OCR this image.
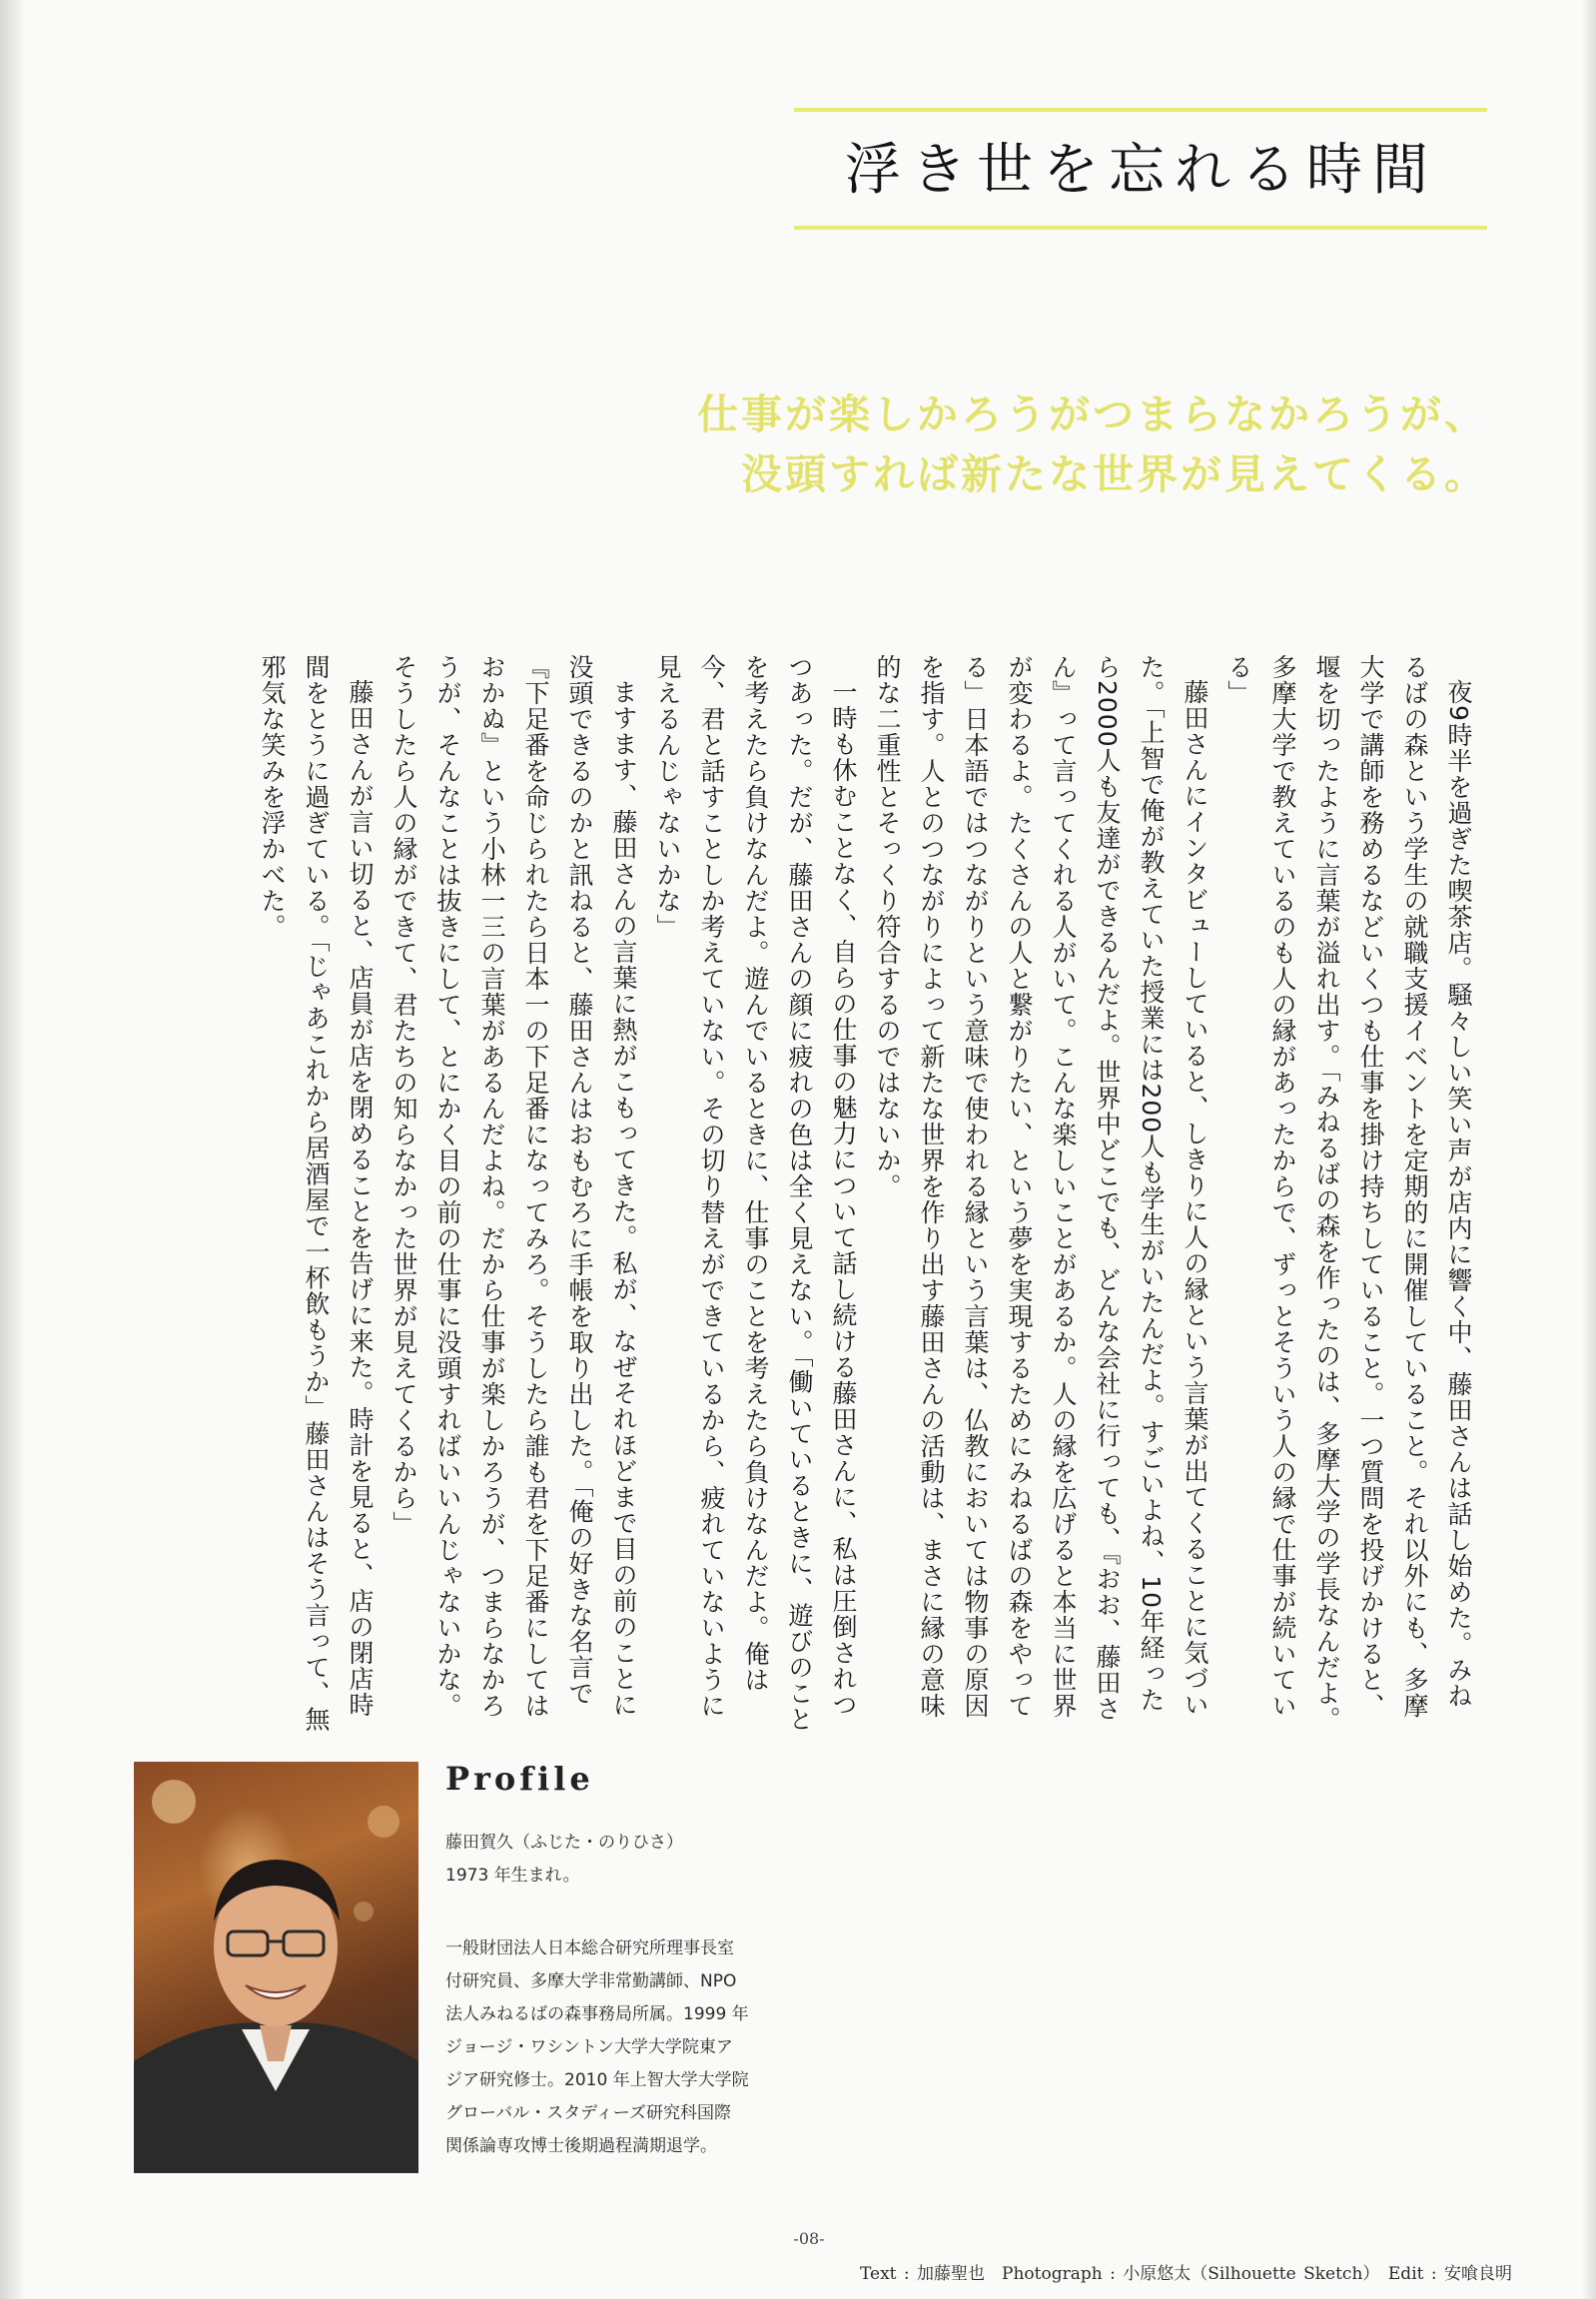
浮き世を忘れる時間
仕事が楽しかろうがつまらなかろうが、
没頭すれば新たな世界が見えてくる。

夜9時半を過ぎた喫茶店。騒々しい笑い声が店内に響く中、藤田さんは話し始めた。みねるばの森という学生の就職支援イベントを定期的に開催していること。それ以外にも、多摩大学で講師を務めるなどいくつも仕事を掛け持ちしていること。一つ質問を投げかけると、堰を切ったように言葉が溢れ出す。「みねるばの森を作ったのは、多摩大学の学長なんだよ。多摩大学で教えているのも人の縁があったからで、ずっとそういう人の縁で仕事が続いている」

藤田さんにインタビューしていると、しきりに人の縁という言葉が出てくることに気づいた。「上智で俺が教えていた授業には200人も学生がいたんだよ。すごいよね、10年経ったら2000人も友達ができるんだよ。世界中どこでも、どんな会社に行っても、『おお、藤田さん』って言ってくれる人がいて。こんな楽しいことがあるか。人の縁を広げると本当に世界が変わるよ。たくさんの人と繋がりたい、という夢を実現するためにみねるばの森をやってる」日本語ではつながりという意味で使われる縁という言葉は、仏教においては物事の原因を指す。人とのつながりによって新たな世界を作り出す藤田さんの活動は、まさに縁の意味的な二重性とそっくり符合するのではないか。

一時も休むことなく、自らの仕事の魅力について話し続ける藤田さんに、私は圧倒されつつあった。だが、藤田さんの顔に疲れの色は全く見えない。「働いているときに、遊びのことを考えたら負けなんだよ。遊んでいるときに、仕事のことを考えたら負けなんだよ。俺は今、君と話すことしか考えていない。その切り替えができているから、疲れていないように見えるんじゃないかな」

ますます、藤田さんの言葉に熱がこもってきた。私が、なぜそれほどまで目の前のことに没頭できるのかと訊ねると、藤田さんはおもむろに手帳を取り出した。「俺の好きな名言で『下足番を命じられたら日本一の下足番になってみろ。そうしたら誰も君を下足番にしてはおかぬ』という小林一三の言葉があるんだよね。だから仕事が楽しかろうが、つまらなかろうが、そんなことは抜きにして、とにかく目の前の仕事に没頭すればいいんじゃないかな。そうしたら人の縁ができて、君たちの知らなかった世界が見えてくるから」

藤田さんが言い切ると、店員が店を閉めることを告げに来た。時計を見ると、店の閉店時間をとうに過ぎている。「じゃあこれから居酒屋で一杯飲もうか」藤田さんはそう言って、無邪気な笑みを浮かべた。

Profile

藤田賀久（ふじた・のりひさ）

1973 年生まれ。

一般財団法人日本総合研究所理事長室
付研究員、多摩大学非常勤講師、NPO
法人みねるばの森事務局所属。1999 年
ジョージ・ワシントン大学大学院東ア
ジア研究修士。2010 年上智大学大学院
グローバル・スタディーズ研究科国際
関係論専攻博士後期過程満期退学。

-08-

Text : 加藤聖也　Photograph : 小原悠太（Silhouette Sketch）　Edit : 安喰良明
